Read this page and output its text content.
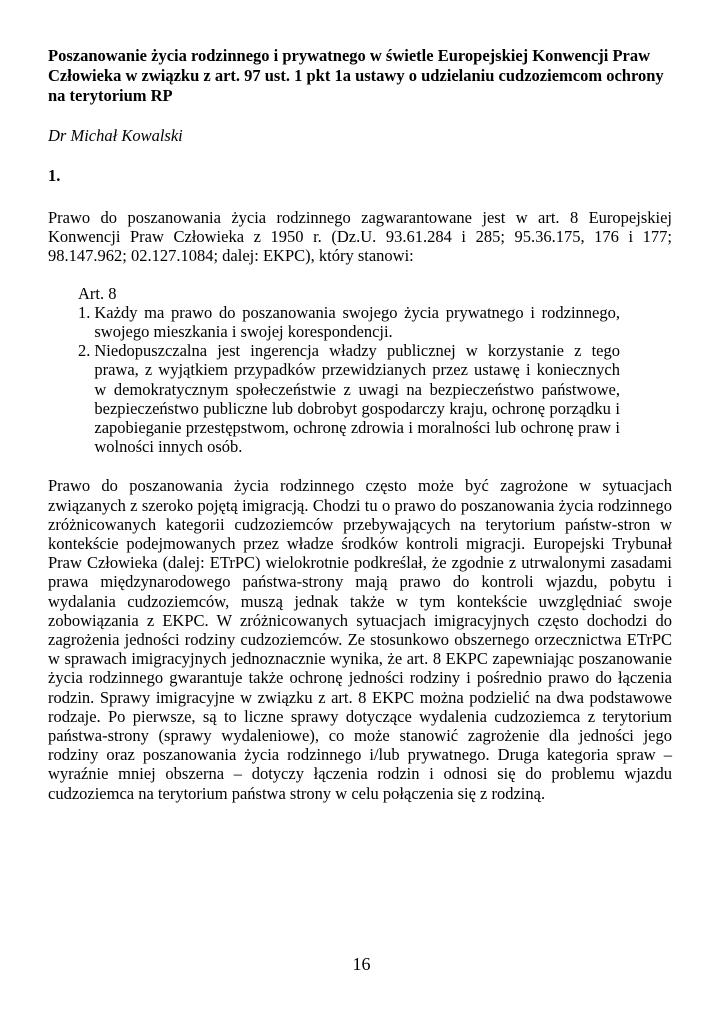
Poszanowanie życia rodzinnego i prywatnego w świetle Europejskiej Konwencji Praw Człowieka w związku z art. 97 ust. 1 pkt 1a ustawy o udzielaniu cudzoziemcom ochrony na terytorium RP

Dr Michał Kowalski

1.

Prawo do poszanowania życia rodzinnego zagwarantowane jest w art. 8 Europejskiej Konwencji Praw Człowieka z 1950 r. (Dz.U. 93.61.284 i 285; 95.36.175, 176 i 177; 98.147.962; 02.127.1084; dalej: EKPC), który stanowi:

Art. 8

1. Każdy ma prawo do poszanowania swojego życia prywatnego i rodzinnego, swojego mieszkania i swojej korespondencji.
2. Niedopuszczalna jest ingerencja władzy publicznej w korzystanie z tego prawa, z wyjątkiem przypadków przewidzianych przez ustawę i koniecznych w demokratycznym społeczeństwie z uwagi na bezpieczeństwo państwowe, bezpieczeństwo publiczne lub dobrobyt gospodarczy kraju, ochronę porządku i zapobieganie przestępstwom, ochronę zdrowia i moralności lub ochronę praw i wolności innych osób.

Prawo do poszanowania życia rodzinnego często może być zagrożone w sytuacjach związanych z szeroko pojętą imigracją. Chodzi tu o prawo do poszanowania życia rodzinnego zróżnicowanych kategorii cudzoziemców przebywających na terytorium państw-stron w kontekście podejmowanych przez władze środków kontroli migracji. Europejski Trybunał Praw Człowieka (dalej: ETrPC) wielokrotnie podkreślał, że zgodnie z utrwalonymi zasadami prawa międzynarodowego państwa-strony mają prawo do kontroli wjazdu, pobytu i wydalania cudzoziemców, muszą jednak także w tym kontekście uwzględniać swoje zobowiązania z EKPC. W zróżnicowanych sytuacjach imigracyjnych często dochodzi do zagrożenia jedności rodziny cudzoziemców. Ze stosunkowo obszernego orzecznictwa ETrPC w sprawach imigracyjnych jednoznacznie wynika, że art. 8 EKPC zapewniając poszanowanie życia rodzinnego gwarantuje także ochronę jedności rodziny i pośrednio prawo do łączenia rodzin. Sprawy imigracyjne w związku z art. 8 EKPC można podzielić na dwa podstawowe rodzaje. Po pierwsze, są to liczne sprawy dotyczące wydalenia cudzoziemca z terytorium państwa-strony (sprawy wydaleniowe), co może stanowić zagrożenie dla jedności jego rodziny oraz poszanowania życia rodzinnego i/lub prywatnego. Druga kategoria spraw – wyraźnie mniej obszerna – dotyczy łączenia rodzin i odnosi się do problemu wjazdu cudzoziemca na terytorium państwa strony w celu połączenia się z rodziną.

16
